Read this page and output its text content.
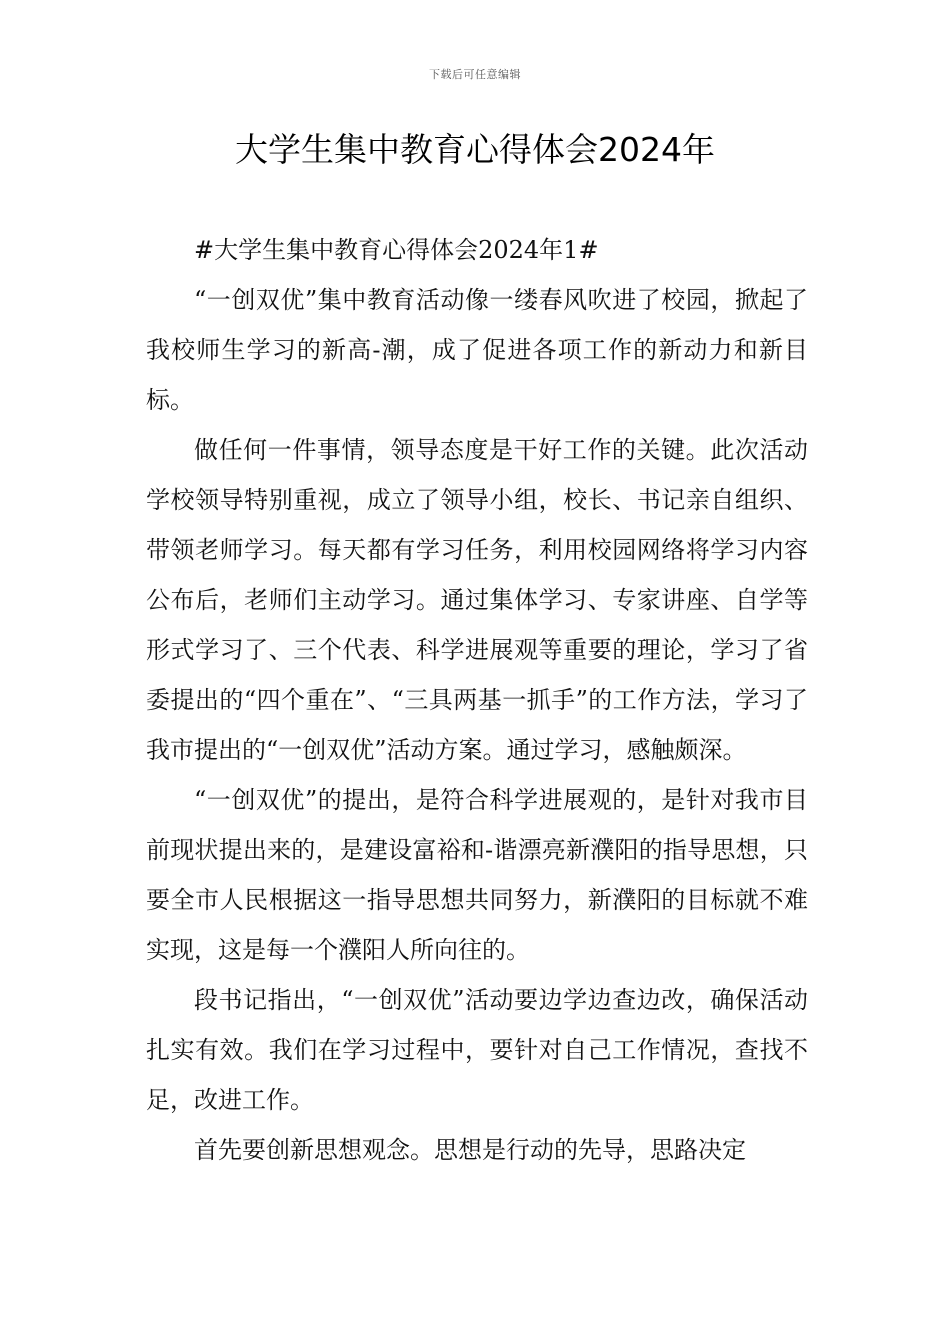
下载后可任意编辑
大学生集中教育心得体会2024年

#大学生集中教育心得体会2024年1#

“一创双优”集中教育活动像一缕春风吹进了校园，掀起了我校师生学习的新高-潮，成了促进各项工作的新动力和新目标。

做任何一件事情，领导态度是干好工作的关键。此次活动学校领导特别重视，成立了领导小组，校长、书记亲自组织、带领老师学习。每天都有学习任务，利用校园网络将学习内容公布后，老师们主动学习。通过集体学习、专家讲座、自学等形式学习了、三个代表、科学进展观等重要的理论，学习了省委提出的“四个重在”、“三具两基一抓手”的工作方法，学习了我市提出的“一创双优”活动方案。通过学习，感触颇深。

“一创双优”的提出，是符合科学进展观的，是针对我市目前现状提出来的，是建设富裕和-谐漂亮新濮阳的指导思想，只要全市人民根据这一指导思想共同努力，新濮阳的目标就不难实现，这是每一个濮阳人所向往的。

段书记指出，“一创双优”活动要边学边查边改，确保活动扎实有效。我们在学习过程中，要针对自己工作情况，查找不足，改进工作。

首先要创新思想观念。思想是行动的先导，思路决定
